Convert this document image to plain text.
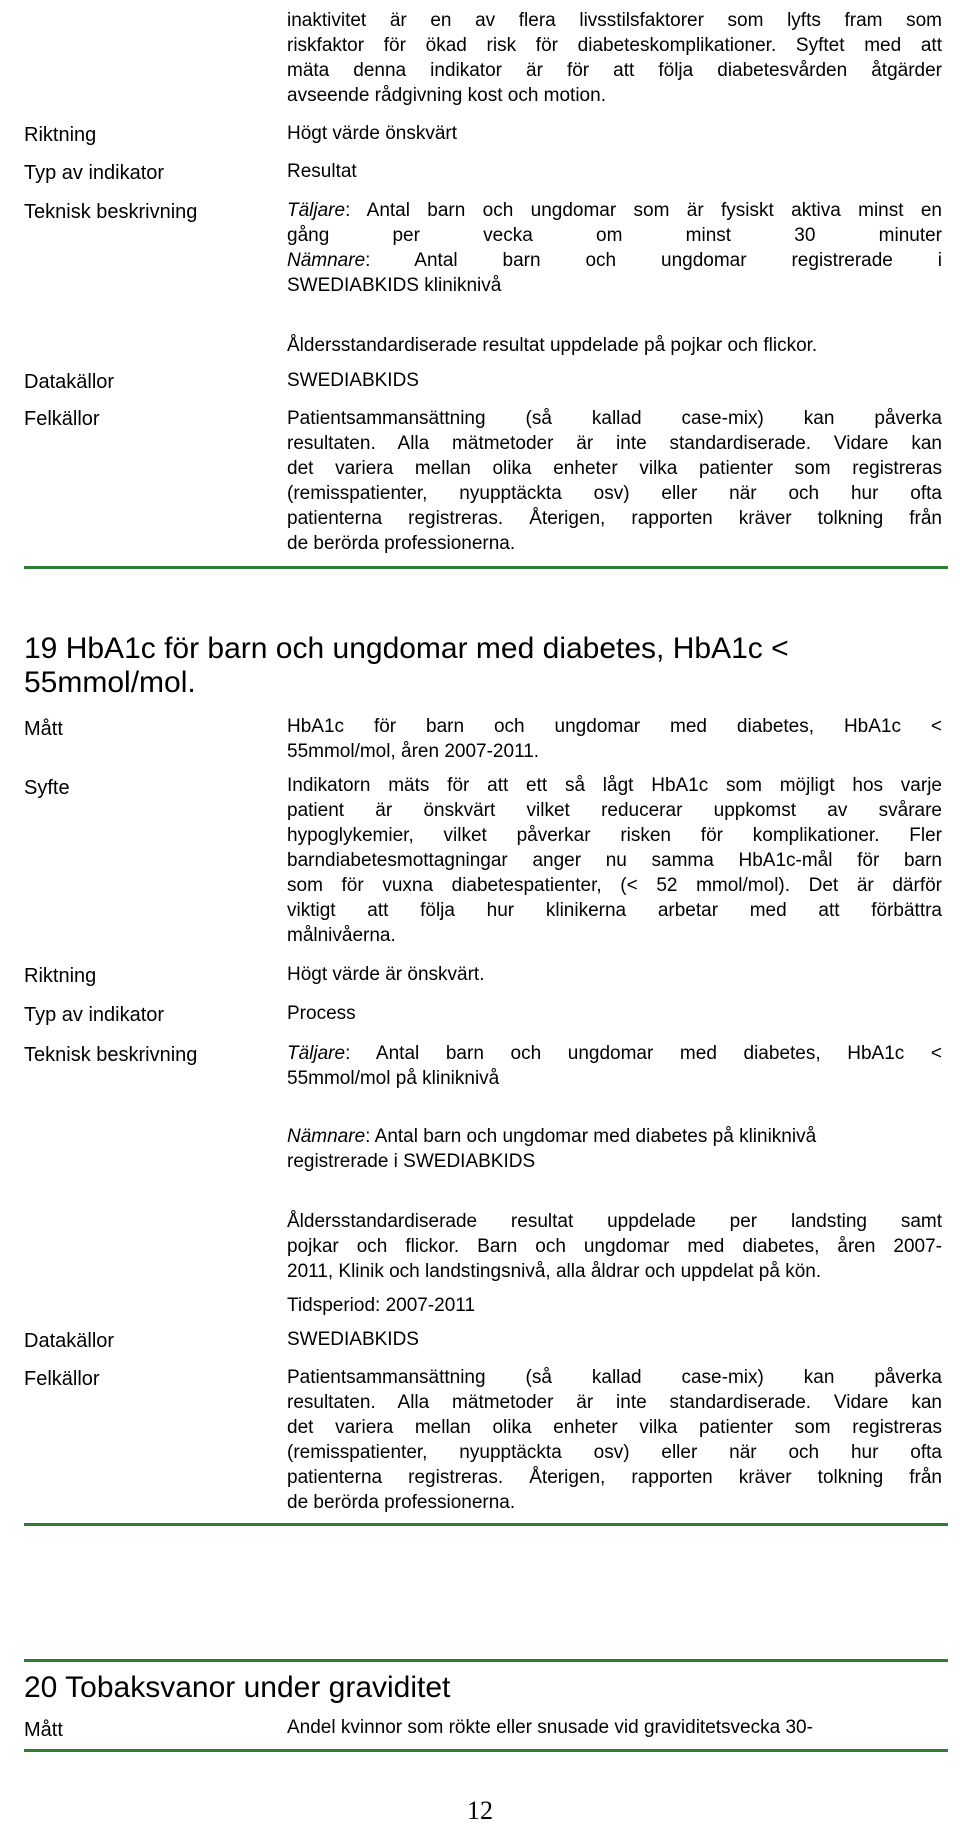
inaktivitet är en av flera livsstilsfaktorer som lyfts fram som
riskfaktor för ökad risk för diabeteskomplikationer. Syftet med att
mäta denna indikator är för att följa diabetesvården åtgärder
avseende rådgivning kost och motion.
Riktning	Högt värde önskvärt
Typ av indikator	Resultat
Teknisk beskrivning	Täljare: Antal barn och ungdomar som är fysiskt aktiva minst en
gång per vecka om minst 30 minuter
Nämnare: Antal barn och ungdomar registrerade i
SWEDIABKIDS kliniknivå
Åldersstandardiserade resultat uppdelade på pojkar och flickor.
Datakällor	SWEDIABKIDS
Felkällor	Patientsammansättning (så kallad case-mix) kan påverka
resultaten. Alla mätmetoder är inte standardiserade. Vidare kan
det variera mellan olika enheter vilka patienter som registreras
(remisspatienter, nyupptäckta osv) eller när och hur ofta
patienterna registreras. Återigen, rapporten kräver tolkning från
de berörda professionerna.
19 HbA1c för barn och ungdomar med diabetes, HbA1c <
55mmol/mol.
Mått	HbA1c för barn och ungdomar med diabetes, HbA1c <
55mmol/mol, åren 2007-2011.
Syfte	Indikatorn mäts för att ett så lågt HbA1c som möjligt hos varje
patient är önskvärt vilket reducerar uppkomst av svårare
hypoglykemier, vilket påverkar risken för komplikationer. Fler
barndiabetesmottagningar anger nu samma HbA1c-mål för barn
som för vuxna diabetespatienter, (< 52 mmol/mol). Det är därför
viktigt att följa hur klinikerna arbetar med att förbättra
målnivåerna.
Riktning	Högt värde är önskvärt.
Typ av indikator	Process
Teknisk beskrivning	Täljare: Antal barn och ungdomar med diabetes, HbA1c <
55mmol/mol på kliniknivå
Nämnare: Antal barn och ungdomar med diabetes på kliniknivå
registrerade i SWEDIABKIDS
Åldersstandardiserade resultat uppdelade per landsting samt
pojkar och flickor. Barn och ungdomar med diabetes, åren 2007-
2011, Klinik och landstingsnivå, alla åldrar och uppdelat på kön.
Tidsperiod: 2007-2011
Datakällor	SWEDIABKIDS
Felkällor	Patientsammansättning (så kallad case-mix) kan påverka
resultaten. Alla mätmetoder är inte standardiserade. Vidare kan
det variera mellan olika enheter vilka patienter som registreras
(remisspatienter, nyupptäckta osv) eller när och hur ofta
patienterna registreras. Återigen, rapporten kräver tolkning från
de berörda professionerna.
20 Tobaksvanor under graviditet
Mått	Andel kvinnor som rökte eller snusade vid graviditetsvecka 30-
12
